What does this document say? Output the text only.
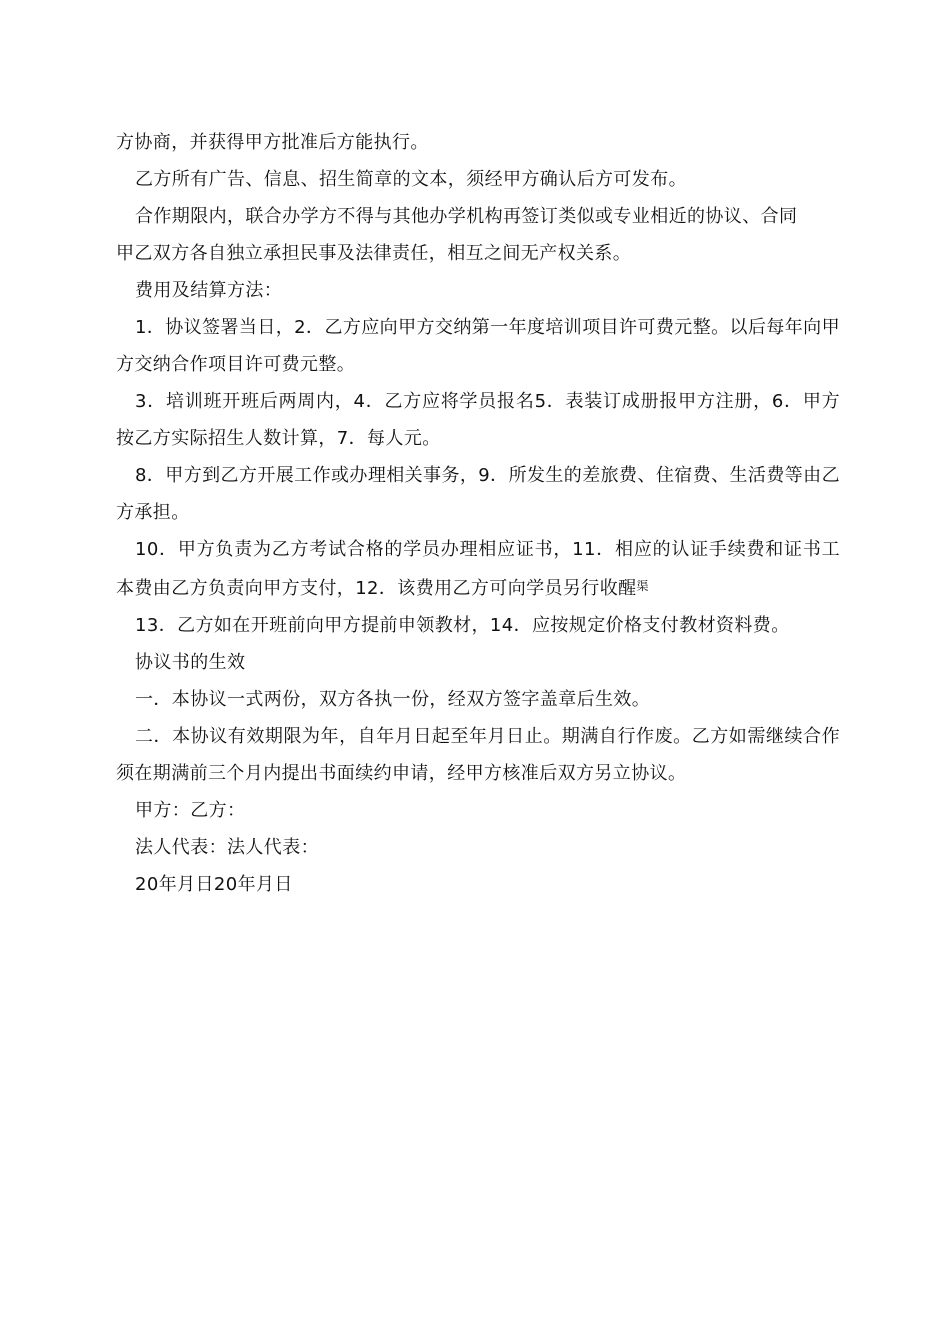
方协商，并获得甲方批准后方能执行。

乙方所有广告、信息、招生简章的文本，须经甲方确认后方可发布。

合作期限内，联合办学方不得与其他办学机构再签订类似或专业相近的协议、合同

甲乙双方各自独立承担民事及法律责任，相互之间无产权关系。

费用及结算方法：

1．协议签署当日，2．乙方应向甲方交纳第一年度培训项目许可费元整。以后每年向甲方交纳合作项目许可费元整。

3．培训班开班后两周内，4．乙方应将学员报名5．表装订成册报甲方注册，6．甲方按乙方实际招生人数计算，7．每人元。

8．甲方到乙方开展工作或办理相关事务，9．所发生的差旅费、住宿费、生活费等由乙方承担。

10．甲方负责为乙方考试合格的学员办理相应证书，11．相应的认证手续费和证书工本费由乙方负责向甲方支付，12．该费用乙方可向学员另行收醒$^渠$

13．乙方如在开班前向甲方提前申领教材，14．应按规定价格支付教材资料费。

协议书的生效

一．本协议一式两份，双方各执一份，经双方签字盖章后生效。

二．本协议有效期限为年，自年月日起至年月日止。期满自行作废。乙方如需继续合作须在期满前三个月内提出书面续约申请，经甲方核准后双方另立协议。

甲方：乙方：

法人代表：法人代表：

20年月日20年月日
